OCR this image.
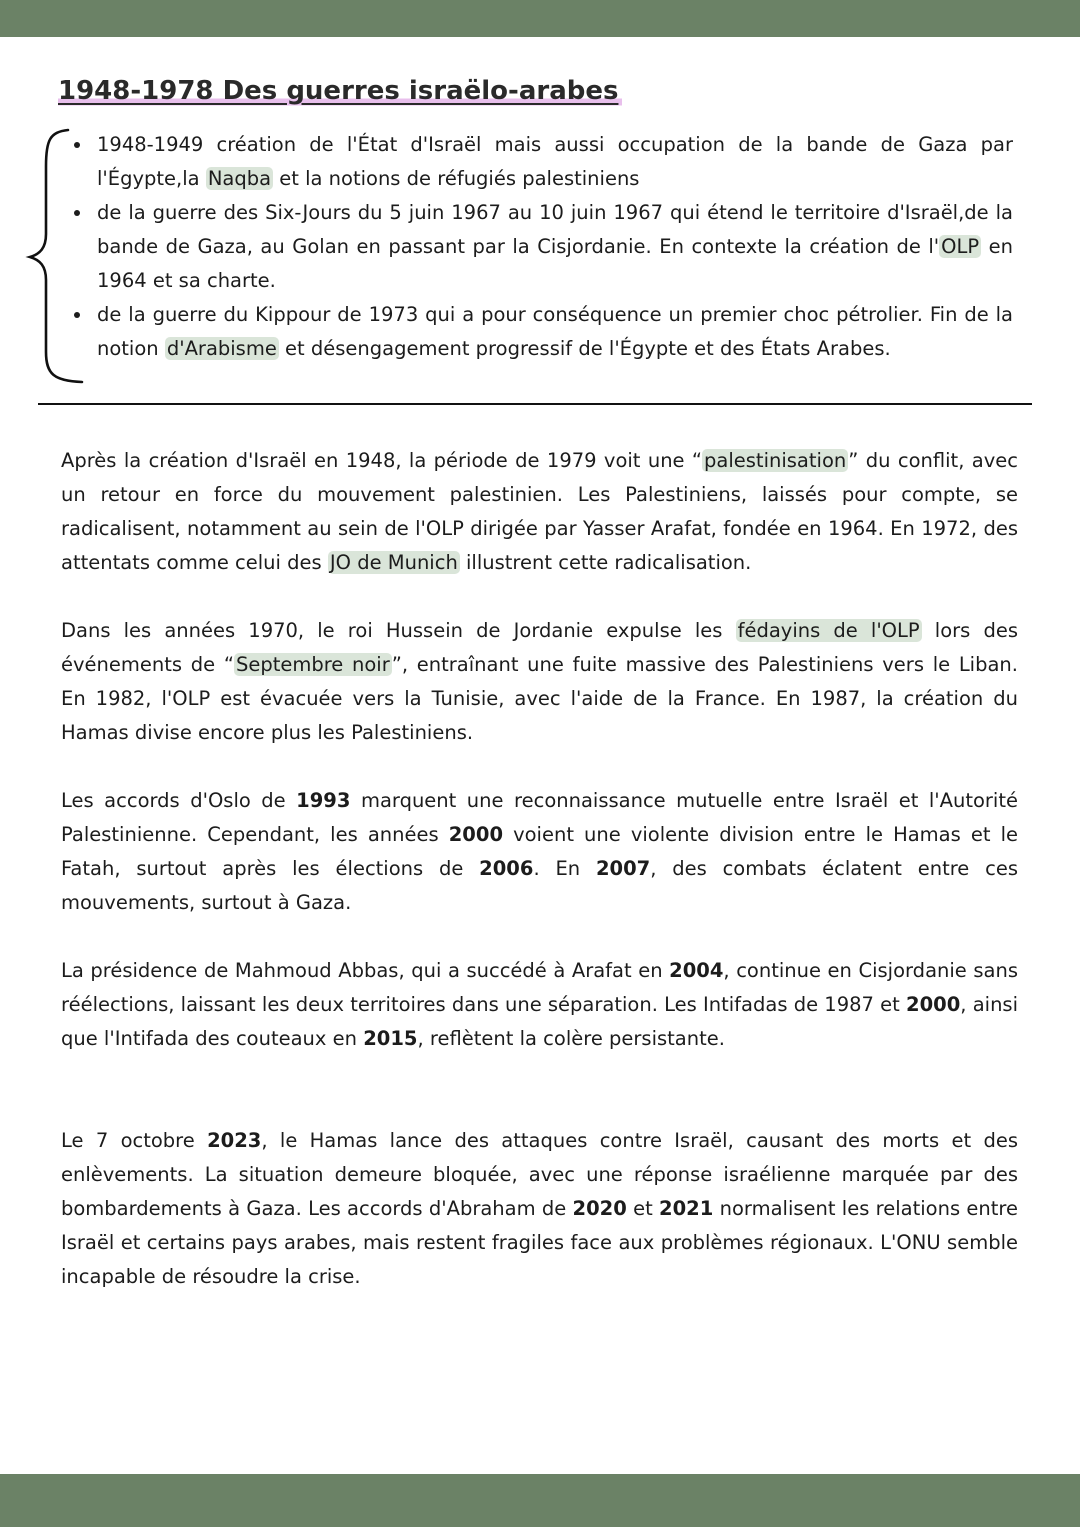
1948-1978 Des guerres israëlo-arabes
1948-1949 création de l'État d'Israël mais aussi occupation de la bande de Gaza par l'Égypte,la Naqba et la notions de réfugiés palestiniens
de la guerre des Six-Jours du 5 juin 1967 au 10 juin 1967 qui étend le territoire d'Israël,de la bande de Gaza, au Golan en passant par la Cisjordanie. En contexte la création de l' OLP en 1964 et sa charte.
de la guerre du Kippour de 1973 qui a pour conséquence un premier choc pétrolier. Fin de la notion d'Arabisme et désengagement progressif de l'Égypte et des États Arabes.

Après la création d'Israël en 1948, la période de 1979 voit une “ palestinisation ” du conflit, avec un retour en force du mouvement palestinien. Les Palestiniens, laissés pour compte, se radicalisent, notamment au sein de l'OLP dirigée par Yasser Arafat, fondée en 1964. En 1972, des attentats comme celui des JO de Munich illustrent cette radicalisation.

Dans les années 1970, le roi Hussein de Jordanie expulse les fédayins de l'OLP lors des événements de “ Septembre noir ”, entraînant une fuite massive des Palestiniens vers le Liban. En 1982, l'OLP est évacuée vers la Tunisie, avec l'aide de la France. En 1987, la création du Hamas divise encore plus les Palestiniens.

Les accords d'Oslo de 1993 marquent une reconnaissance mutuelle entre Israël et l'Autorité Palestinienne. Cependant, les années 2000 voient une violente division entre le Hamas et le Fatah, surtout après les élections de 2006. En 2007, des combats éclatent entre ces mouvements, surtout à Gaza.

La présidence de Mahmoud Abbas, qui a succédé à Arafat en 2004, continue en Cisjordanie sans réélections, laissant les deux territoires dans une séparation. Les Intifadas de 1987 et 2000, ainsi que l'Intifada des couteaux en 2015, reflètent la colère persistante.

Le 7 octobre 2023, le Hamas lance des attaques contre Israël, causant des morts et des enlèvements. La situation demeure bloquée, avec une réponse israélienne marquée par des bombardements à Gaza. Les accords d'Abraham de 2020 et 2021 normalisent les relations entre Israël et certains pays arabes, mais restent fragiles face aux problèmes régionaux. L'ONU semble incapable de résoudre la crise.
